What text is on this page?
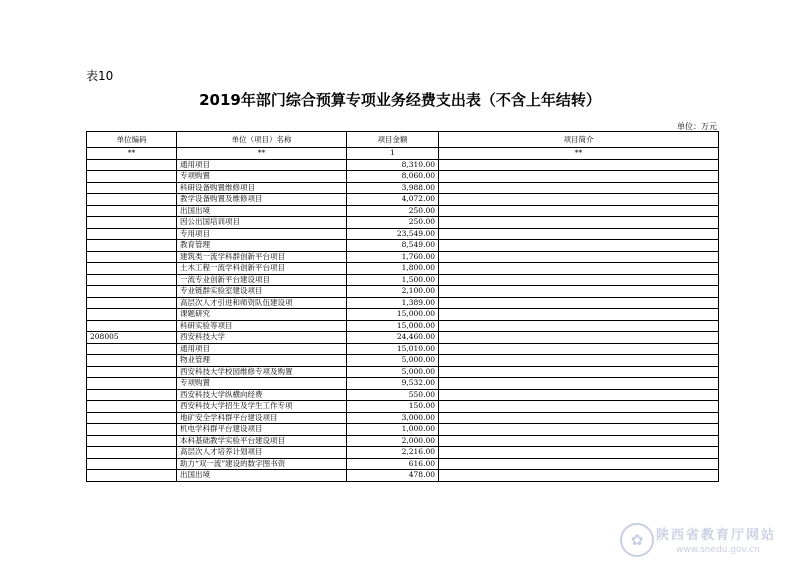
表10
2019年部门综合预算专项业务经费支出表（不含上年结转）
单位：万元
单位编码	单位（项目）名称	项目金额	项目简介
**	**	1	**
	通用项目	8,310.00	
	专项购置	8,060.00	
	科研设备购置维修项目	3,988.00	
	教学设备购置及维修项目	4,072.00	
	出国出境	250.00	
	因公出国培训项目	250.00	
	专用项目	23,549.00	
	教育管理	8,549.00	
	建筑类一流学科群创新平台项目	1,760.00	
	土木工程一流学科创新平台项目	1,800.00	
	一流专业创新平台建设项目	1,500.00	
	专业链群实验室建设项目	2,100.00	
	高层次人才引进和师资队伍建设项	1,389.00	
	课题研究	15,000.00	
	科研实验等项目	15,000.00	
208005	西安科技大学	24,460.00	
	通用项目	15,010.00	
	物业管理	5,000.00	
	西安科技大学校园维修专项及购置	5,000.00	
	专项购置	9,532.00	
	西安科技大学纵横向经费	550.00	
	西安科技大学招生及学生工作专项	150.00	
	地矿安全学科群平台建设项目	3,000.00	
	机电学科群平台建设项目	1,000.00	
	本科基础教学实验平台建设项目	2,000.00	
	高层次人才培养计划项目	2,216.00	
	助力“双一流”建设的数字图书资	616.00	
	出国出境	478.00	
✿ 陕西省教育厅网站
www.snedu.gov.cn
